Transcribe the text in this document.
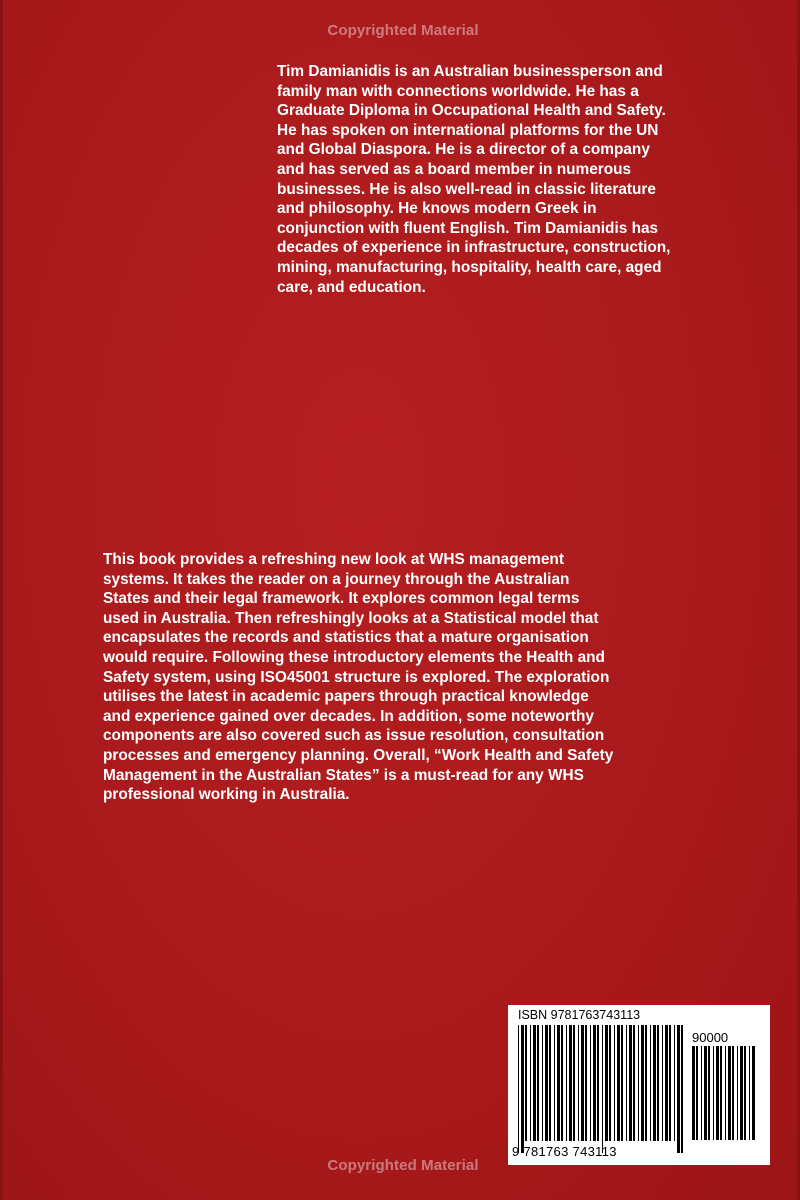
Copyrighted Material

Tim Damianidis is an Australian businessperson and
family man with connections worldwide. He has a
Graduate Diploma in Occupational Health and Safety.
He has spoken on international platforms for the UN
and Global Diaspora. He is a director of a company
and has served as a board member in numerous
businesses. He is also well-read in classic literature
and philosophy. He knows modern Greek in
conjunction with fluent English. Tim Damianidis has
decades of experience in infrastructure, construction,
mining, manufacturing, hospitality, health care, aged
care, and education.

This book provides a refreshing new look at WHS management
systems. It takes the reader on a journey through the Australian
States and their legal framework. It explores common legal terms
used in Australia. Then refreshingly looks at a Statistical model that
encapsulates the records and statistics that a mature organisation
would require. Following these introductory elements the Health and
Safety system, using ISO45001 structure is explored. The exploration
utilises the latest in academic papers through practical knowledge
and experience gained over decades. In addition, some noteworthy
components are also covered such as issue resolution, consultation
processes and emergency planning. Overall, “Work Health and Safety
Management in the Australian States” is a must-read for any WHS
professional working in Australia.

ISBN 9781763743113
90000
9 781763 743113
Copyrighted Material
